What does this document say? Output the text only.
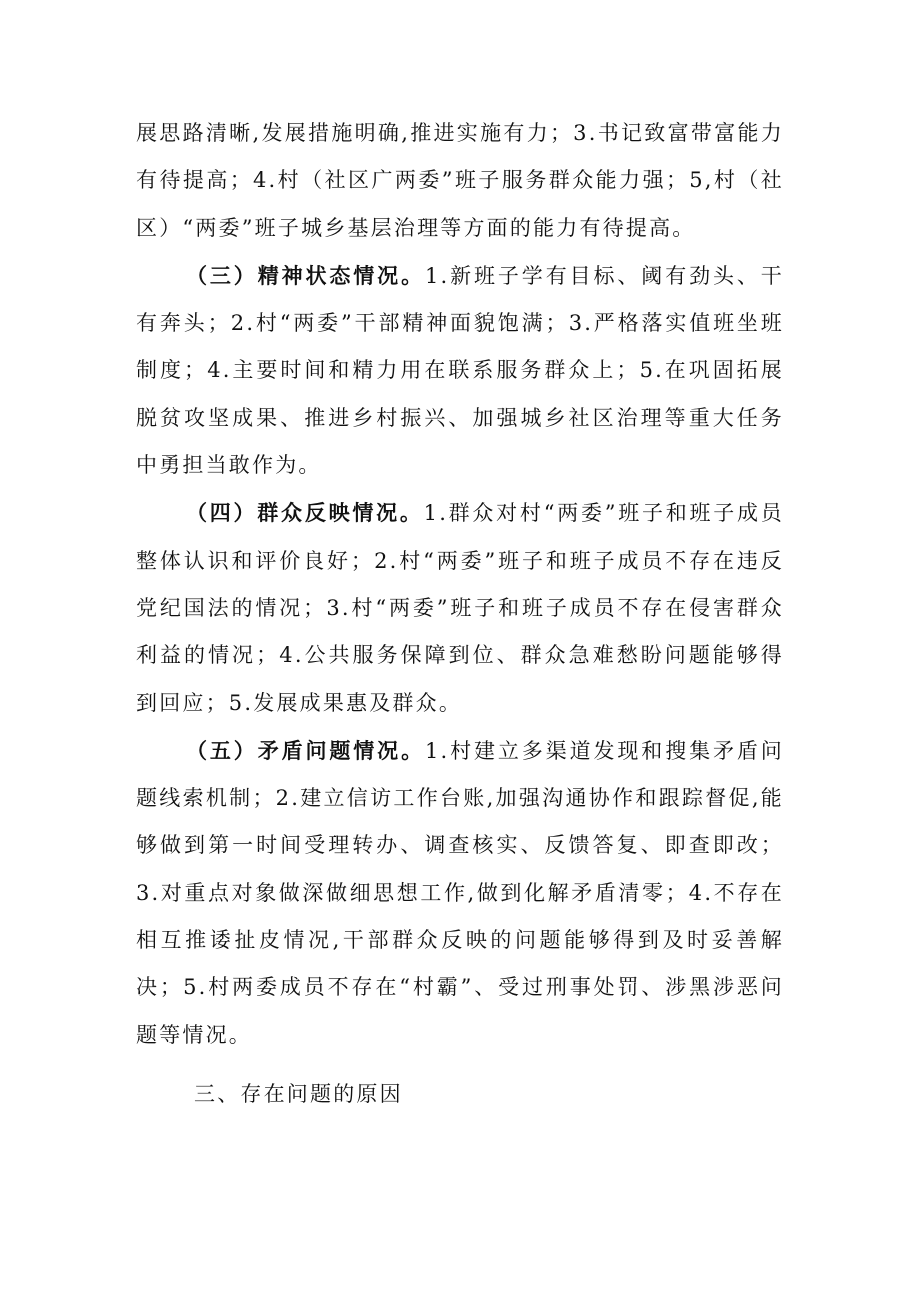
展思路清晰,发展措施明确,推进实施有力；3.书记致富带富能力有待提高；4.村（社区广两委”班子服务群众能力强；5,村（社区）“两委”班子城乡基层治理等方面的能力有待提高。

（三）精神状态情况。1.新班子学有目标、阈有劲头、干有奔头；2.村“两委”干部精神面貌饱满；3.严格落实值班坐班制度；4.主要时间和精力用在联系服务群众上；5.在巩固拓展脱贫攻坚成果、推进乡村振兴、加强城乡社区治理等重大任务中勇担当敢作为。

（四）群众反映情况。1.群众对村“两委”班子和班子成员整体认识和评价良好；2.村“两委”班子和班子成员不存在违反党纪国法的情况；3.村“两委”班子和班子成员不存在侵害群众利益的情况；4.公共服务保障到位、群众急难愁盼问题能够得到回应；5.发展成果惠及群众。

（五）矛盾问题情况。1.村建立多渠道发现和搜集矛盾问题线索机制；2.建立信访工作台账,加强沟通协作和跟踪督促,能够做到第一时间受理转办、调查核实、反馈答复、即查即改；3.对重点对象做深做细思想工作,做到化解矛盾清零；4.不存在相互推诿扯皮情况,干部群众反映的问题能够得到及时妥善解决；5.村两委成员不存在“村霸”、受过刑事处罚、涉黑涉恶问题等情况。

三、存在问题的原因
